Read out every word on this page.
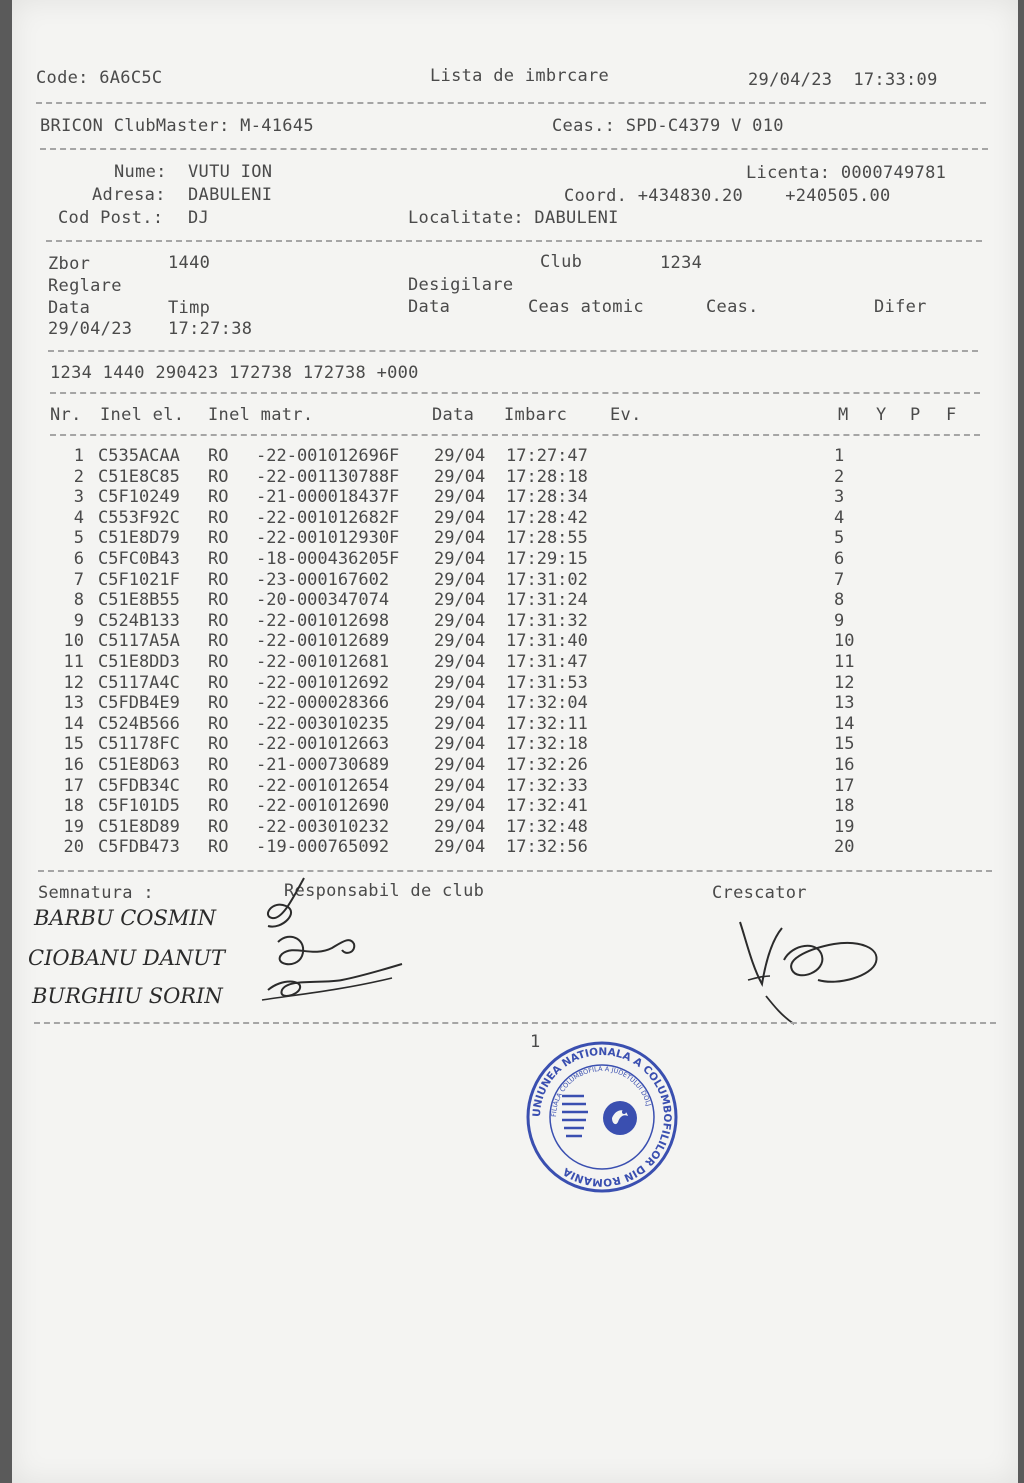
Code: 6A6C5C	Lista de imbrcare	29/04/23  17:33:09
BRICON ClubMaster: M-41645	Ceas.: SPD-C4379 V 010
Nume: VUTU ION	Licenta: 0000749781
Adresa: DABULENI	Coord. +434830.20    +240505.00
Cod Post.: DJ	Localitate: DABULENI
Zbor	1440	Club	1234
Reglare	Desigilare
Data	Timp	Data	Ceas atomic	Ceas.	Difer
29/04/23 17:27:38
1234 1440 290423 172738 172738 +000
Nr. Inel el. Inel matr.	Data Imbarc	Ev.	M Y P F
1 C535ACAA RO -22-001012696F 29/04 17:27:47	1
2 C51E8C85 RO -22-001130788F 29/04 17:28:18	2
3 C5F10249 RO -21-000018437F 29/04 17:28:34	3
4 C553F92C RO -22-001012682F 29/04 17:28:42	4
5 C51E8D79 RO -22-001012930F 29/04 17:28:55	5
6 C5FC0B43 RO -18-000436205F 29/04 17:29:15	6
7 C5F1021F RO -23-000167602	29/04 17:31:02	7
8 C51E8B55 RO -20-000347074	29/04 17:31:24	8
9 C524B133 RO -22-001012698	29/04 17:31:32	9
10 C5117A5A RO -22-001012689	29/04 17:31:40	10
11 C51E8DD3 RO -22-001012681	29/04 17:31:47	11
12 C5117A4C RO -22-001012692	29/04 17:31:53	12
13 C5FDB4E9 RO -22-000028366	29/04 17:32:04	13
14 C524B566 RO -22-003010235	29/04 17:32:11	14
15 C51178FC RO -22-001012663	29/04 17:32:18	15
16 C51E8D63 RO -21-000730689	29/04 17:32:26	16
17 C5FDB34C RO -22-001012654	29/04 17:32:33	17
18 C5F101D5 RO -22-001012690	29/04 17:32:41	18
19 C51E8D89 RO -22-003010232	29/04 17:32:48	19
20 C5FDB473 RO -19-000765092	29/04 17:32:56	20
Semnatura :	Responsabil de club	Crescator
BARBU COSMIN
CIOBANU DANUT
BURGHIU SORIN
1
UNIUNEA NATIONALA A COLUMBOFILILOR DIN ROMANIA
FILIALA COLUMBOFILA A JUDETULUI DOLJ
